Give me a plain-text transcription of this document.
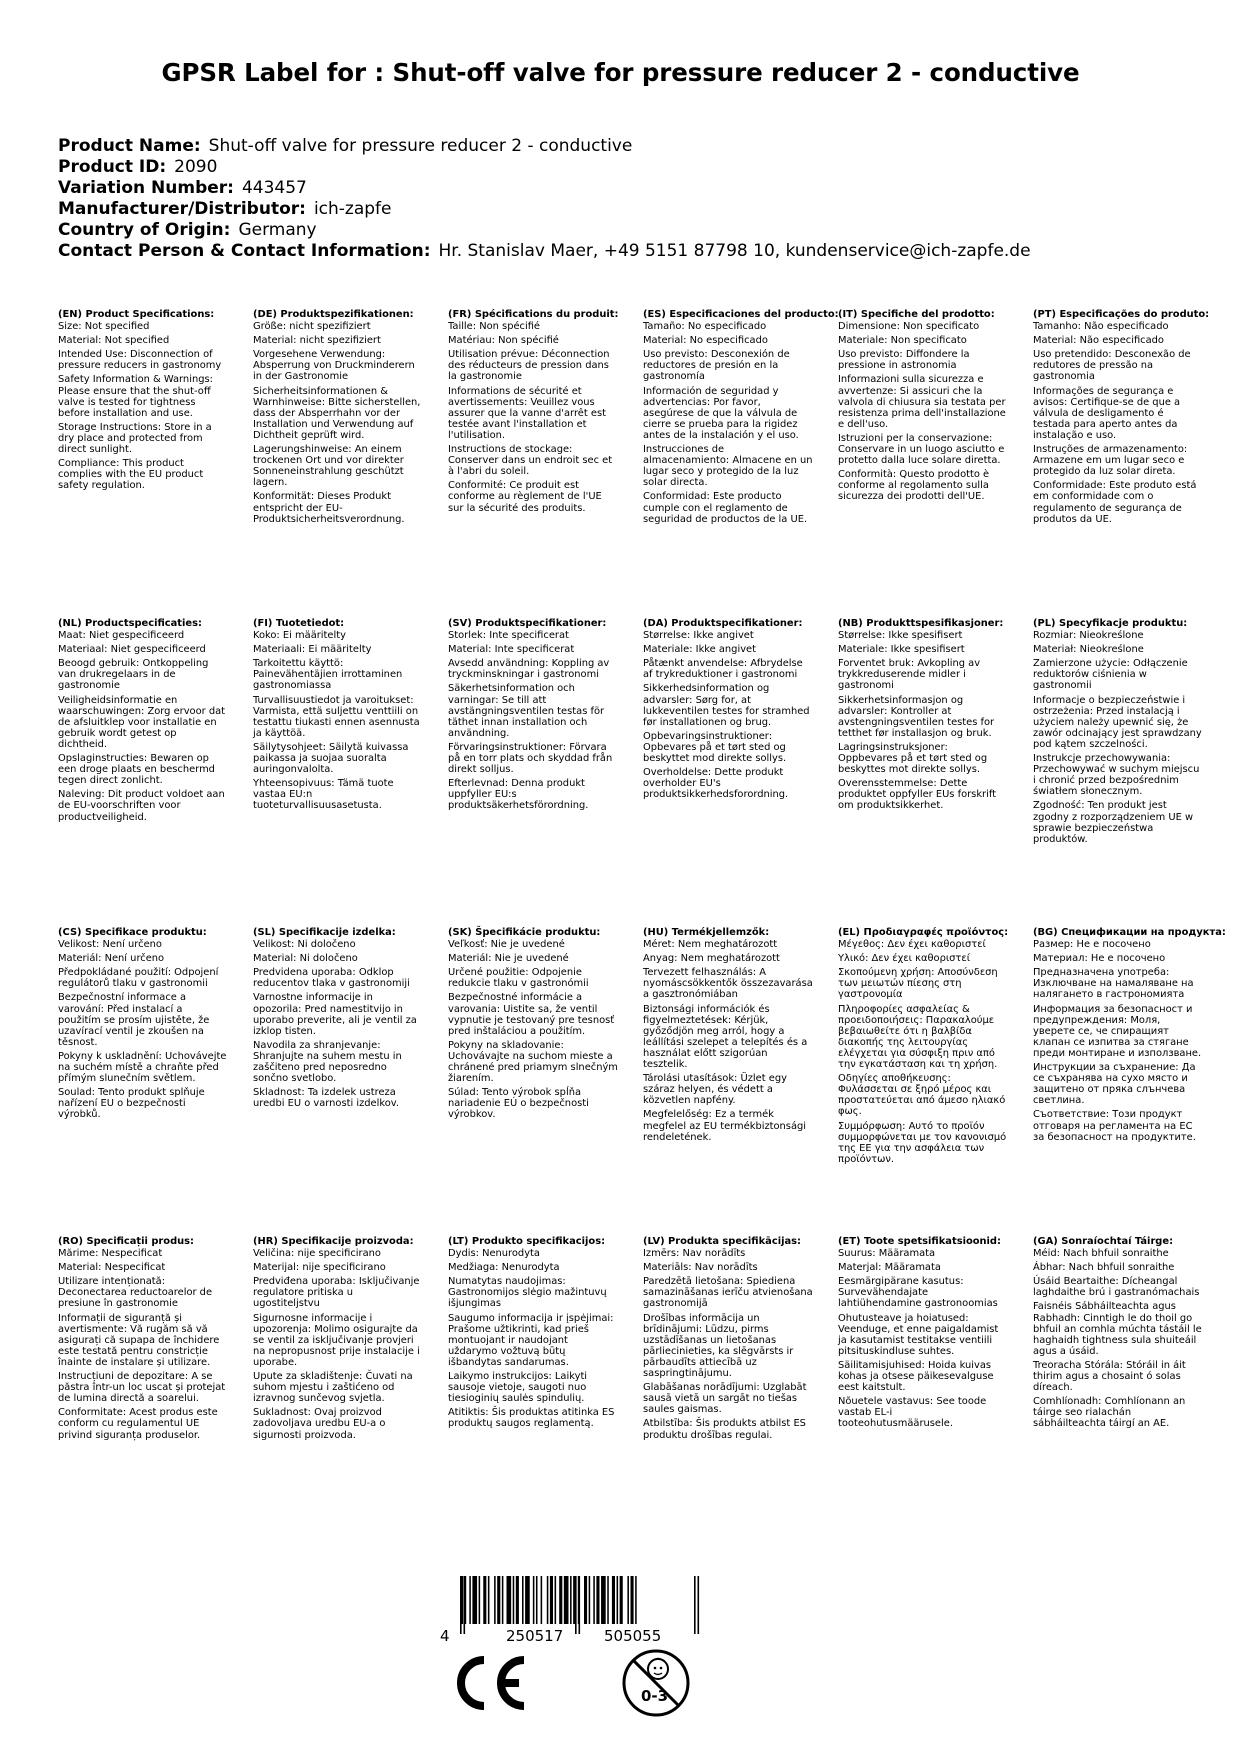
GPSR Label for : Shut-off valve for pressure reducer 2 - conductive
Product Name: Shut-off valve for pressure reducer 2 - conductive
Product ID: 2090
Variation Number: 443457
Manufacturer/Distributor: ich-zapfe
Country of Origin: Germany
Contact Person & Contact Information: Hr. Stanislav Maer, +49 5151 87798 10, kundenservice@ich-zapfe.de
(EN) Product Specifications:
Size: Not specified
Material: Not specified
Intended Use: Disconnection of pressure reducers in gastronomy
Safety Information & Warnings: Please ensure that the shut-off valve is tested for tightness before installation and use.
Storage Instructions: Store in a dry place and protected from direct sunlight.
Compliance: This product complies with the EU product safety regulation.
(DE) Produktspezifikationen:
Größe: nicht spezifiziert
Material: nicht spezifiziert
Vorgesehene Verwendung: Absperrung von Druckminderern in der Gastronomie
Sicherheitsinformationen & Warnhinweise: Bitte sicherstellen, dass der Absperrhahn vor der Installation und Verwendung auf Dichtheit geprüft wird.
Lagerungshinweise: An einem trockenen Ort und vor direkter Sonneneinstrahlung geschützt lagern.
Konformität: Dieses Produkt entspricht der EU-Produktsicherheitsverordnung.
(FR) Spécifications du produit:
Taille: Non spécifié
Matériau: Non spécifié
Utilisation prévue: Déconnection des réducteurs de pression dans la gastronomie
Informations de sécurité et avertissements: Veuillez vous assurer que la vanne d'arrêt est testée avant l'installation et l'utilisation.
Instructions de stockage: Conserver dans un endroit sec et à l'abri du soleil.
Conformité: Ce produit est conforme au règlement de l'UE sur la sécurité des produits.
(ES) Especificaciones del producto:
Tamaño: No especificado
Material: No especificado
Uso previsto: Desconexión de reductores de presión en la gastronomía
Información de seguridad y advertencias: Por favor, asegúrese de que la válvula de cierre se prueba para la rigidez antes de la instalación y el uso.
Instrucciones de almacenamiento: Almacene en un lugar seco y protegido de la luz solar directa.
Conformidad: Este producto cumple con el reglamento de seguridad de productos de la UE.
(IT) Specifiche del prodotto:
Dimensione: Non specificato
Materiale: Non specificato
Uso previsto: Diffondere la pressione in astronomia
Informazioni sulla sicurezza e avvertenze: Si assicuri che la valvola di chiusura sia testata per resistenza prima dell'installazione e dell'uso.
Istruzioni per la conservazione: Conservare in un luogo asciutto e protetto dalla luce solare diretta.
Conformità: Questo prodotto è conforme al regolamento sulla sicurezza dei prodotti dell'UE.
(PT) Especificações do produto:
Tamanho: Não especificado
Material: Não especificado
Uso pretendido: Desconexão de redutores de pressão na gastronomia
Informações de segurança e avisos: Certifique-se de que a válvula de desligamento é testada para aperto antes da instalação e uso.
Instruções de armazenamento: Armazene em um lugar seco e protegido da luz solar direta.
Conformidade: Este produto está em conformidade com o regulamento de segurança de produtos da UE.
(NL) Productspecificaties:
Maat: Niet gespecificeerd
Materiaal: Niet gespecificeerd
Beoogd gebruik: Ontkoppeling van drukregelaars in de gastronomie
Veiligheidsinformatie en waarschuwingen: Zorg ervoor dat de afsluitklep voor installatie en gebruik wordt getest op dichtheid.
Opslaginstructies: Bewaren op een droge plaats en beschermd tegen direct zonlicht.
Naleving: Dit product voldoet aan de EU-voorschriften voor productveiligheid.
(FI) Tuotetiedot:
Koko: Ei määritelty
Materiaali: Ei määritelty
Tarkoitettu käyttö: Painevähentäjien irrottaminen gastronomiassa
Turvallisuustiedot ja varoitukset: Varmista, että suljettu venttiili on testattu tiukasti ennen asennusta ja käyttöä.
Säilytysohjeet: Säilytä kuivassa paikassa ja suojaa suoralta auringonvalolta.
Yhteensopivuus: Tämä tuote vastaa EU:n tuoteturvallisuusasetusta.
(SV) Produktspecifikationer:
Storlek: Inte specificerat
Material: Inte specificerat
Avsedd användning: Koppling av tryckminskningar i gastronomi
Säkerhetsinformation och varningar: Se till att avstängningsventilen testas för täthet innan installation och användning.
Förvaringsinstruktioner: Förvara på en torr plats och skyddad från direkt solljus.
Efterlevnad: Denna produkt uppfyller EU:s produktsäkerhetsförordning.
(DA) Produktspecifikationer:
Størrelse: Ikke angivet
Materiale: Ikke angivet
Påtænkt anvendelse: Afbrydelse af trykreduktioner i gastronomi
Sikkerhedsinformation og advarsler: Sørg for, at lukkeventilen testes for stramhed før installationen og brug.
Opbevaringsinstruktioner: Opbevares på et tørt sted og beskyttet mod direkte sollys.
Overholdelse: Dette produkt overholder EU's produktsikkerhedsforordning.
(NB) Produkttspesifikasjoner:
Størrelse: Ikke spesifisert
Materiale: Ikke spesifisert
Forventet bruk: Avkopling av trykkreduserende midler i gastronomi
Sikkerhetsinformasjon og advarsler: Kontroller at avstengningsventilen testes for tetthet før installasjon og bruk.
Lagringsinstruksjoner: Oppbevares på et tørt sted og beskyttes mot direkte sollys.
Overensstemmelse: Dette produktet oppfyller EUs forskrift om produktsikkerhet.
(PL) Specyfikacje produktu:
Rozmiar: Nieokreślone
Materiał: Nieokreślone
Zamierzone użycie: Odłączenie reduktorów ciśnienia w gastronomii
Informacje o bezpieczeństwie i ostrzeżenia: Przed instalacją i użyciem należy upewnić się, że zawór odcinający jest sprawdzany pod kątem szczelności.
Instrukcje przechowywania: Przechowywać w suchym miejscu i chronić przed bezpośrednim światłem słonecznym.
Zgodność: Ten produkt jest zgodny z rozporządzeniem UE w sprawie bezpieczeństwa produktów.
(CS) Specifikace produktu:
Velikost: Není určeno
Materiál: Není určeno
Předpokládané použití: Odpojení regulátorů tlaku v gastronomii
Bezpečnostní informace a varování: Před instalací a použitím se prosím ujistěte, že uzavírací ventil je zkoušen na těsnost.
Pokyny k uskladnění: Uchovávejte na suchém místě a chraňte před přímým slunečním světlem.
Soulad: Tento produkt splňuje nařízení EU o bezpečnosti výrobků.
(SL) Specifikacije izdelka:
Velikost: Ni določeno
Material: Ni določeno
Predvidena uporaba: Odklop reducentov tlaka v gastronomiji
Varnostne informacije in opozorila: Pred namestitvijo in uporabo preverite, ali je ventil za izklop tisten.
Navodila za shranjevanje: Shranjujte na suhem mestu in zaščiteno pred neposredno sončno svetlobo.
Skladnost: Ta izdelek ustreza uredbi EU o varnosti izdelkov.
(SK) Špecifikácie produktu:
Veľkosť: Nie je uvedené
Materiál: Nie je uvedené
Určené použitie: Odpojenie redukcie tlaku v gastronómii
Bezpečnostné informácie a varovania: Uistite sa, že ventil vypnutie je testovaný pre tesnosť pred inštaláciou a použitím.
Pokyny na skladovanie: Uchovávajte na suchom mieste a chránené pred priamym slnečným žiarením.
Súlad: Tento výrobok spĺňa nariadenie EÚ o bezpečnosti výrobkov.
(HU) Termékjellemzők:
Méret: Nem meghatározott
Anyag: Nem meghatározott
Tervezett felhasználás: A nyomáscsökkentők összezavarása a gasztronómiában
Biztonsági információk és figyelmeztetések: Kérjük, győződjön meg arról, hogy a leállítási szelepet a telepítés és a használat előtt szigorúan tesztelik.
Tárolási utasítások: Üzlet egy száraz helyen, és védett a közvetlen napfény.
Megfelelőség: Ez a termék megfelel az EU termékbiztonsági rendeletének.
(EL) Προδιαγραφές προϊόντος:
Μέγεθος: Δεν έχει καθοριστεί
Υλικό: Δεν έχει καθοριστεί
Σκοπούμενη χρήση: Αποσύνδεση των μειωτών πίεσης στη γαστρονομία
Πληροφορίες ασφαλείας & προειδοποιήσεις: Παρακαλούμε βεβαιωθείτε ότι η βαλβίδα διακοπής της λειτουργίας ελέγχεται για σύσφιξη πριν από την εγκατάσταση και τη χρήση.
Οδηγίες αποθήκευσης: Φυλάσσεται σε ξηρό μέρος και προστατεύεται από άμεσο ηλιακό φως.
Συμμόρφωση: Αυτό το προϊόν συμμορφώνεται με τον κανονισμό της ΕΕ για την ασφάλεια των προϊόντων.
(BG) Спецификации на продукта:
Размер: Не е посочено
Материал: Не е посочено
Предназначена употреба: Изключване на намаляване на налягането в гастрономията
Информация за безопасност и предупреждения: Моля, уверете се, че спиращият клапан се изпитва за стягане преди монтиране и използване.
Инструкции за съхранение: Да се съхранява на сухо място и защитено от пряка слънчева светлина.
Съответствие: Този продукт отговаря на регламента на ЕС за безопасност на продуктите.
(RO) Specificații produs:
Mărime: Nespecificat
Material: Nespecificat
Utilizare intenționată: Deconectarea reductoarelor de presiune în gastronomie
Informații de siguranță și avertismente: Vă rugăm să vă asigurați că supapa de închidere este testată pentru constricție înainte de instalare și utilizare.
Instrucțiuni de depozitare: A se păstra într-un loc uscat și protejat de lumina directă a soarelui.
Conformitate: Acest produs este conform cu regulamentul UE privind siguranța produselor.
(HR) Specifikacije proizvoda:
Veličina: nije specificirano
Materijal: nije specificirano
Predviđena uporaba: Isključivanje regulatore pritiska u ugostiteljstvu
Sigurnosne informacije i upozorenja: Molimo osigurajte da se ventil za isključivanje provjeri na nepropusnost prije instalacije i uporabe.
Upute za skladištenje: Čuvati na suhom mjestu i zaštićeno od izravnog sunčevog svjetla.
Sukladnost: Ovaj proizvod zadovoljava uredbu EU-a o sigurnosti proizvoda.
(LT) Produkto specifikacijos:
Dydis: Nenurodyta
Medžiaga: Nenurodyta
Numatytas naudojimas: Gastronomijos slėgio mažintuvų išjungimas
Saugumo informacija ir įspėjimai: Prašome užtikrinti, kad prieš montuojant ir naudojant uždarymo vožtuvą būtų išbandytas sandarumas.
Laikymo instrukcijos: Laikyti sausoje vietoje, saugoti nuo tiesioginių saulės spindulių.
Atitiktis: Šis produktas atitinka ES produktų saugos reglamentą.
(LV) Produkta specifikācijas:
Izmērs: Nav norādīts
Materiāls: Nav norādīts
Paredzētā lietošana: Spiediena samazināšanas ierīču atvienošana gastronomijā
Drošības informācija un brīdinājumi: Lūdzu, pirms uzstādīšanas un lietošanas pārliecinieties, ka slēgvārsts ir pārbaudīts attiecībā uz saspringtinājumu.
Glabāšanas norādījumi: Uzglabāt sausā vietā un sargāt no tiešas saules gaismas.
Atbilstība: Šis produkts atbilst ES produktu drošības regulai.
(ET) Toote spetsifikatsioonid:
Suurus: Määramata
Materjal: Määramata
Eesmärgipärane kasutus: Survevähendajate lahtiühendamine gastronoomias
Ohutusteave ja hoiatused: Veenduge, et enne paigaldamist ja kasutamist testitakse ventiili pitsituskindluse suhtes.
Säilitamisjuhised: Hoida kuivas kohas ja otsese päikesevalguse eest kaitstult.
Nõuetele vastavus: See toode vastab EL-i tooteohutusmäärusele.
(GA) Sonraíochtaí Táirge:
Méid: Nach bhfuil sonraithe
Ábhar: Nach bhfuil sonraithe
Úsáid Beartaithe: Dícheangal laghdaithe brú i gastranómachais
Faisnéis Sábháilteachta agus Rabhadh: Cinntigh le do thoil go bhfuil an comhla múchta tástáil le haghaidh tightness sula shuiteáil agus a úsáid.
Treoracha Stórála: Stóráil in áit thirim agus a chosaint ó solas díreach.
Comhlíonadh: Comhlíonann an táirge seo rialachán sábháilteachta táirgí an AE.
4	250517	505055
0-3
